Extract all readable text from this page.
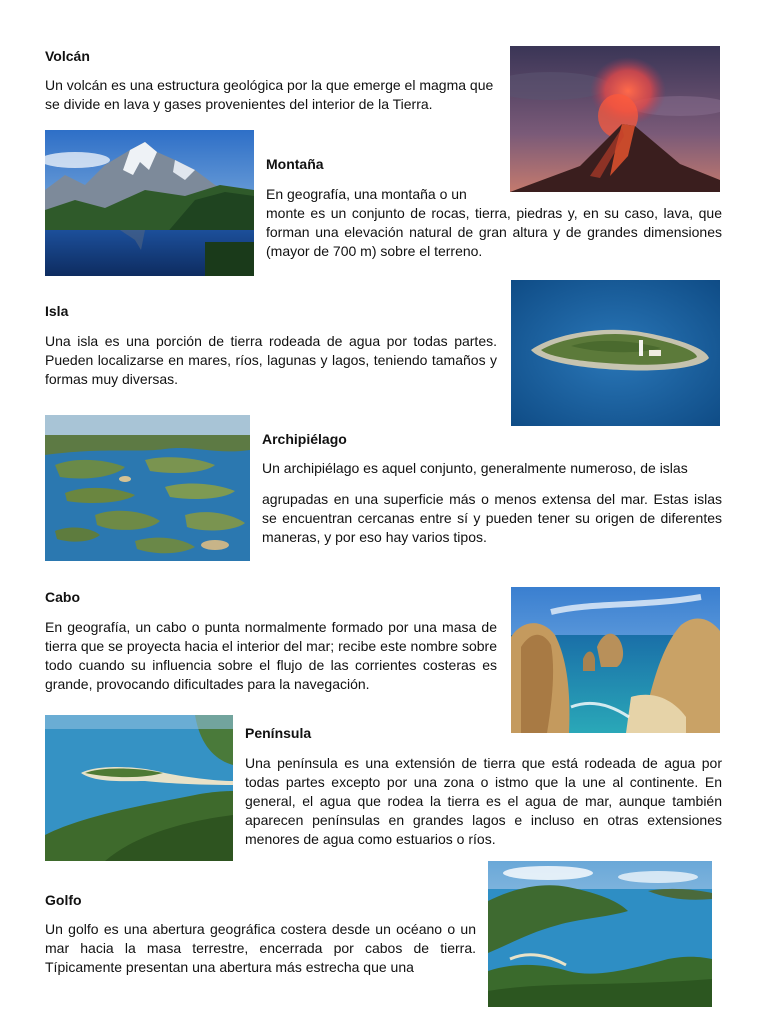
Volcán

Un volcán es una estructura geológica por la que emerge el magma que se divide en lava y gases provenientes del interior de la Tierra.

Montaña

En geografía, una montaña o un

monte es un conjunto de rocas, tierra, piedras y, en su caso, lava, que forman una elevación natural de gran altura y de grandes dimensiones (mayor de 700 m) sobre el terreno.

Isla

Una isla es una porción de tierra rodeada de agua por todas partes. Pueden localizarse en mares, ríos, lagunas y lagos, teniendo tamaños y formas muy diversas.

Archipiélago

Un archipiélago es aquel conjunto, generalmente numeroso, de islas

agrupadas en una superficie más o menos extensa del mar. Estas islas se encuentran cercanas entre sí y pueden tener su origen de diferentes maneras, y por eso hay varios tipos.

Cabo

En geografía, un cabo o punta normalmente formado por una masa de tierra que se proyecta hacia el interior del mar; recibe este nombre sobre todo cuando su influencia sobre el flujo de las corrientes costeras es grande, provocando dificultades para la navegación.

Península

Una península es una extensión de tierra que está rodeada de agua por todas partes excepto por una zona o istmo que la une al continente. En general, el agua que rodea la tierra es el agua de mar, aunque también aparecen penínsulas en grandes lagos e incluso en otras extensiones menores de agua como estuarios o ríos.

Golfo

Un golfo es una abertura geográfica costera desde un océano o un mar hacia la masa terrestre, encerrada por cabos de tierra. Típicamente presentan una abertura más estrecha que una
